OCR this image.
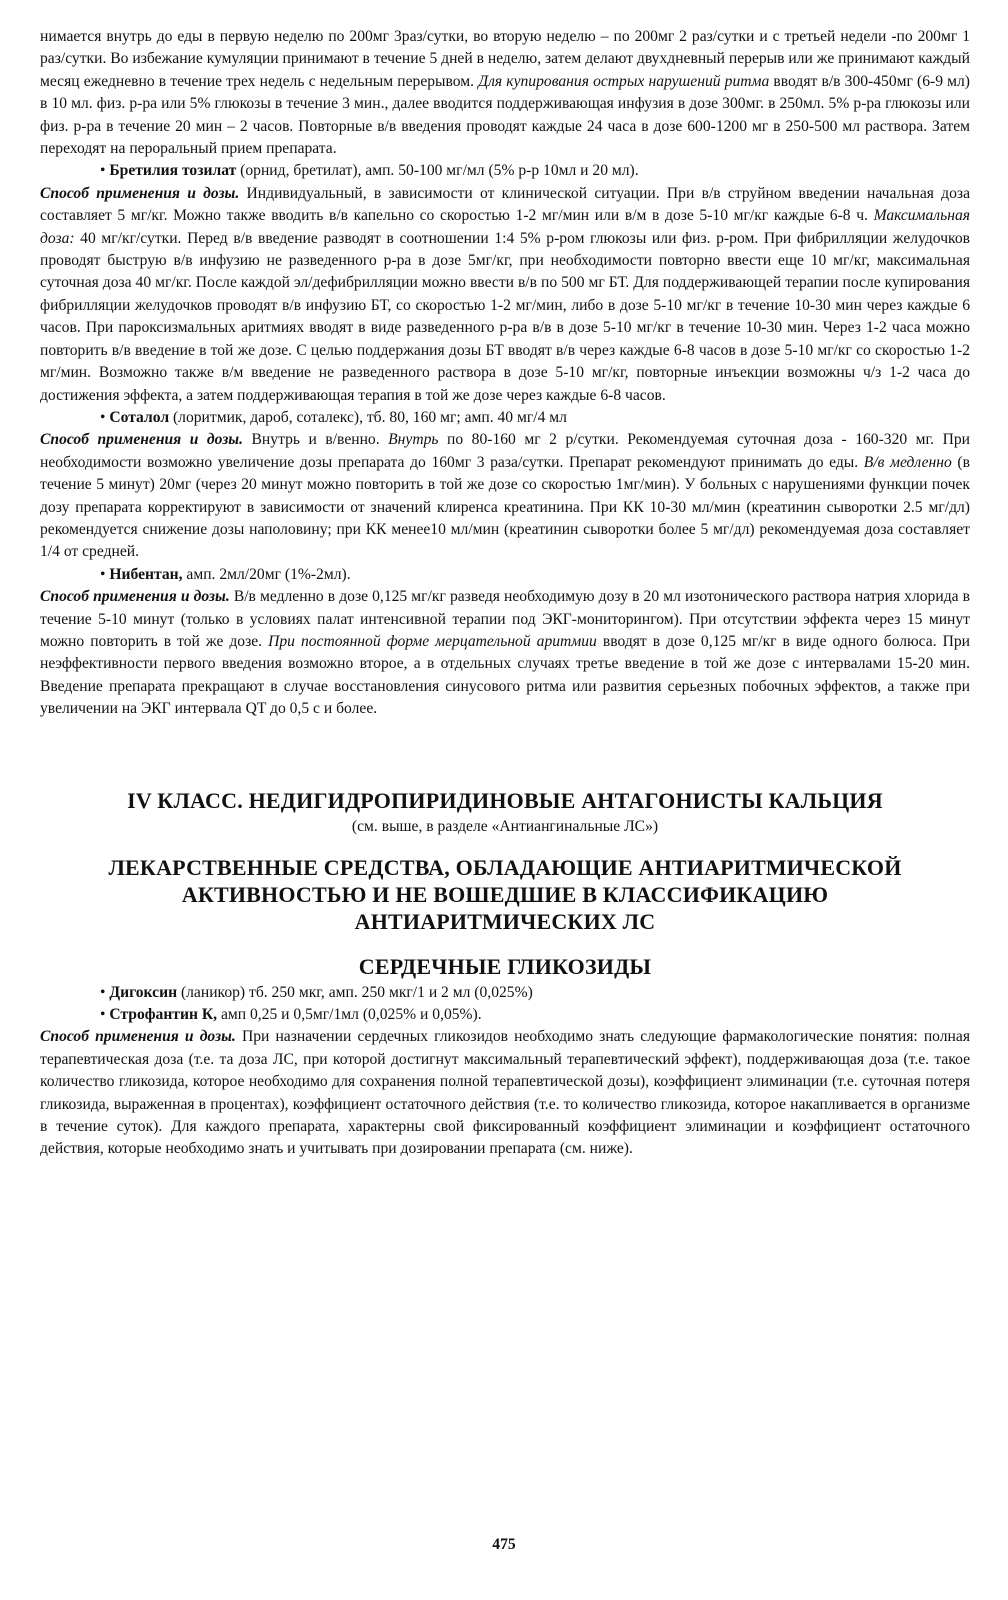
нимается внутрь до еды в первую неделю по 200мг 3раз/сутки, во вторую неделю – по 200мг 2 раз/сутки и с третьей недели -по 200мг 1 раз/сутки. Во избежание кумуляции принимают в течение 5 дней в неделю, затем делают двухдневный перерыв или же принимают каждый месяц ежедневно в течение трех недель с недельным перерывом. Для купирования острых нарушений ритма вводят в/в 300-450мг (6-9 мл) в 10 мл. физ. р-ра или 5% глюкозы в течение 3 мин., далее вводится поддерживающая инфузия в дозе 300мг. в 250мл. 5% р-ра глюкозы или физ. р-ра в течение 20 мин – 2 часов. Повторные в/в введения проводят каждые 24 часа в дозе 600-1200 мг в 250-500 мл раствора. Затем переходят на пероральный прием препарата.

• Бретилия тозилат (орнид, бретилат), амп. 50-100 мг/мл (5% р-р 10мл и 20 мл).

Способ применения и дозы. Индивидуальный, в зависимости от клинической ситуации. При в/в струйном введении начальная доза составляет 5 мг/кг. Можно также вводить в/в капельно со скоростью 1-2 мг/мин или в/м в дозе 5-10 мг/кг каждые 6-8 ч. Максимальная доза: 40 мг/кг/сутки. Перед в/в введение разводят в соотношении 1:4 5% р-ром глюкозы или физ. р-ром. При фибрилляции желудочков проводят быструю в/в инфузию не разведенного р-ра в дозе 5мг/кг, при необходимости повторно ввести еще 10 мг/кг, максимальная суточная доза 40 мг/кг. После каждой эл/дефибрилляции можно ввести в/в по 500 мг БТ. Для поддерживающей терапии после купирования фибрилляции желудочков проводят в/в инфузию БТ, со скоростью 1-2 мг/мин, либо в дозе 5-10 мг/кг в течение 10-30 мин через каждые 6 часов. При пароксизмальных аритмиях вводят в виде разведенного р-ра в/в в дозе 5-10 мг/кг в течение 10-30 мин. Через 1-2 часа можно повторить в/в введение в той же дозе. С целью поддержания дозы БТ вводят в/в через каждые 6-8 часов в дозе 5-10 мг/кг со скоростью 1-2 мг/мин. Возможно также в/м введение не разведенного раствора в дозе 5-10 мг/кг, повторные инъекции возможны ч/з 1-2 часа до достижения эффекта, а затем поддерживающая терапия в той же дозе через каждые 6-8 часов.

• Соталол (лоритмик, дароб, соталекс), тб. 80, 160 мг; амп. 40 мг/4 мл

Способ применения и дозы. Внутрь и в/венно. Внутрь по 80-160 мг 2 р/сутки. Рекомендуемая суточная доза - 160-320 мг. При необходимости возможно увеличение дозы препарата до 160мг 3 раза/сутки. Препарат рекомендуют принимать до еды. В/в медленно (в течение 5 минут) 20мг (через 20 минут можно повторить в той же дозе со скоростью 1мг/мин). У больных с нарушениями функции почек дозу препарата корректируют в зависимости от значений клиренса креатинина. При КК 10-30 мл/мин (креатинин сыворотки 2.5 мг/дл) рекомендуется снижение дозы наполовину; при КК менее10 мл/мин (креатинин сыворотки более 5 мг/дл) рекомендуемая доза составляет 1/4 от средней.

• Нибентан, амп. 2мл/20мг (1%-2мл).

Способ применения и дозы. В/в медленно в дозе 0,125 мг/кг разведя необходимую дозу в 20 мл изотонического раствора натрия хлорида в течение 5-10 минут (только в условиях палат интенсивной терапии под ЭКГ-мониторингом). При отсутствии эффекта через 15 минут можно повторить в той же дозе. При постоянной форме мерцательной аритмии вводят в дозе 0,125 мг/кг в виде одного болюса. При неэффективности первого введения возможно второе, а в отдельных случаях третье введение в той же дозе с интервалами 15-20 мин. Введение препарата прекращают в случае восстановления синусового ритма или развития серьезных побочных эффектов, а также при увеличении на ЭКГ интервала QT до 0,5 с и более.

IV КЛАСС. НЕДИГИДРОПИРИДИНОВЫЕ АНТАГОНИСТЫ КАЛЬЦИЯ
(см. выше, в разделе «Антиангинальные ЛС»)
ЛЕКАРСТВЕННЫЕ СРЕДСТВА, ОБЛАДАЮЩИЕ АНТИАРИТМИЧЕСКОЙ
АКТИВНОСТЬЮ И НЕ ВОШЕДШИЕ В КЛАССИФИКАЦИЮ
АНТИАРИТМИЧЕСКИХ ЛС
СЕРДЕЧНЫЕ ГЛИКОЗИДЫ

• Дигоксин (ланикор) тб. 250 мкг, амп. 250 мкг/1 и 2 мл (0,025%)

• Строфантин К, амп 0,25 и 0,5мг/1мл (0,025% и 0,05%).

Способ применения и дозы. При назначении сердечных гликозидов необходимо знать следующие фармакологические понятия: полная терапевтическая доза (т.е. та доза ЛС, при которой достигнут максимальный терапевтический эффект), поддерживающая доза (т.е. такое количество гликозида, которое необходимо для сохранения полной терапевтической дозы), коэффициент элиминации (т.е. суточная потеря гликозида, выраженная в процентах), коэффициент остаточного действия (т.е. то количество гликозида, которое накапливается в организме в течение суток). Для каждого препарата, характерны свой фиксированный коэффициент элиминации и коэффициент остаточного действия, которые необходимо знать и учитывать при дозировании препарата (см. ниже).

475
